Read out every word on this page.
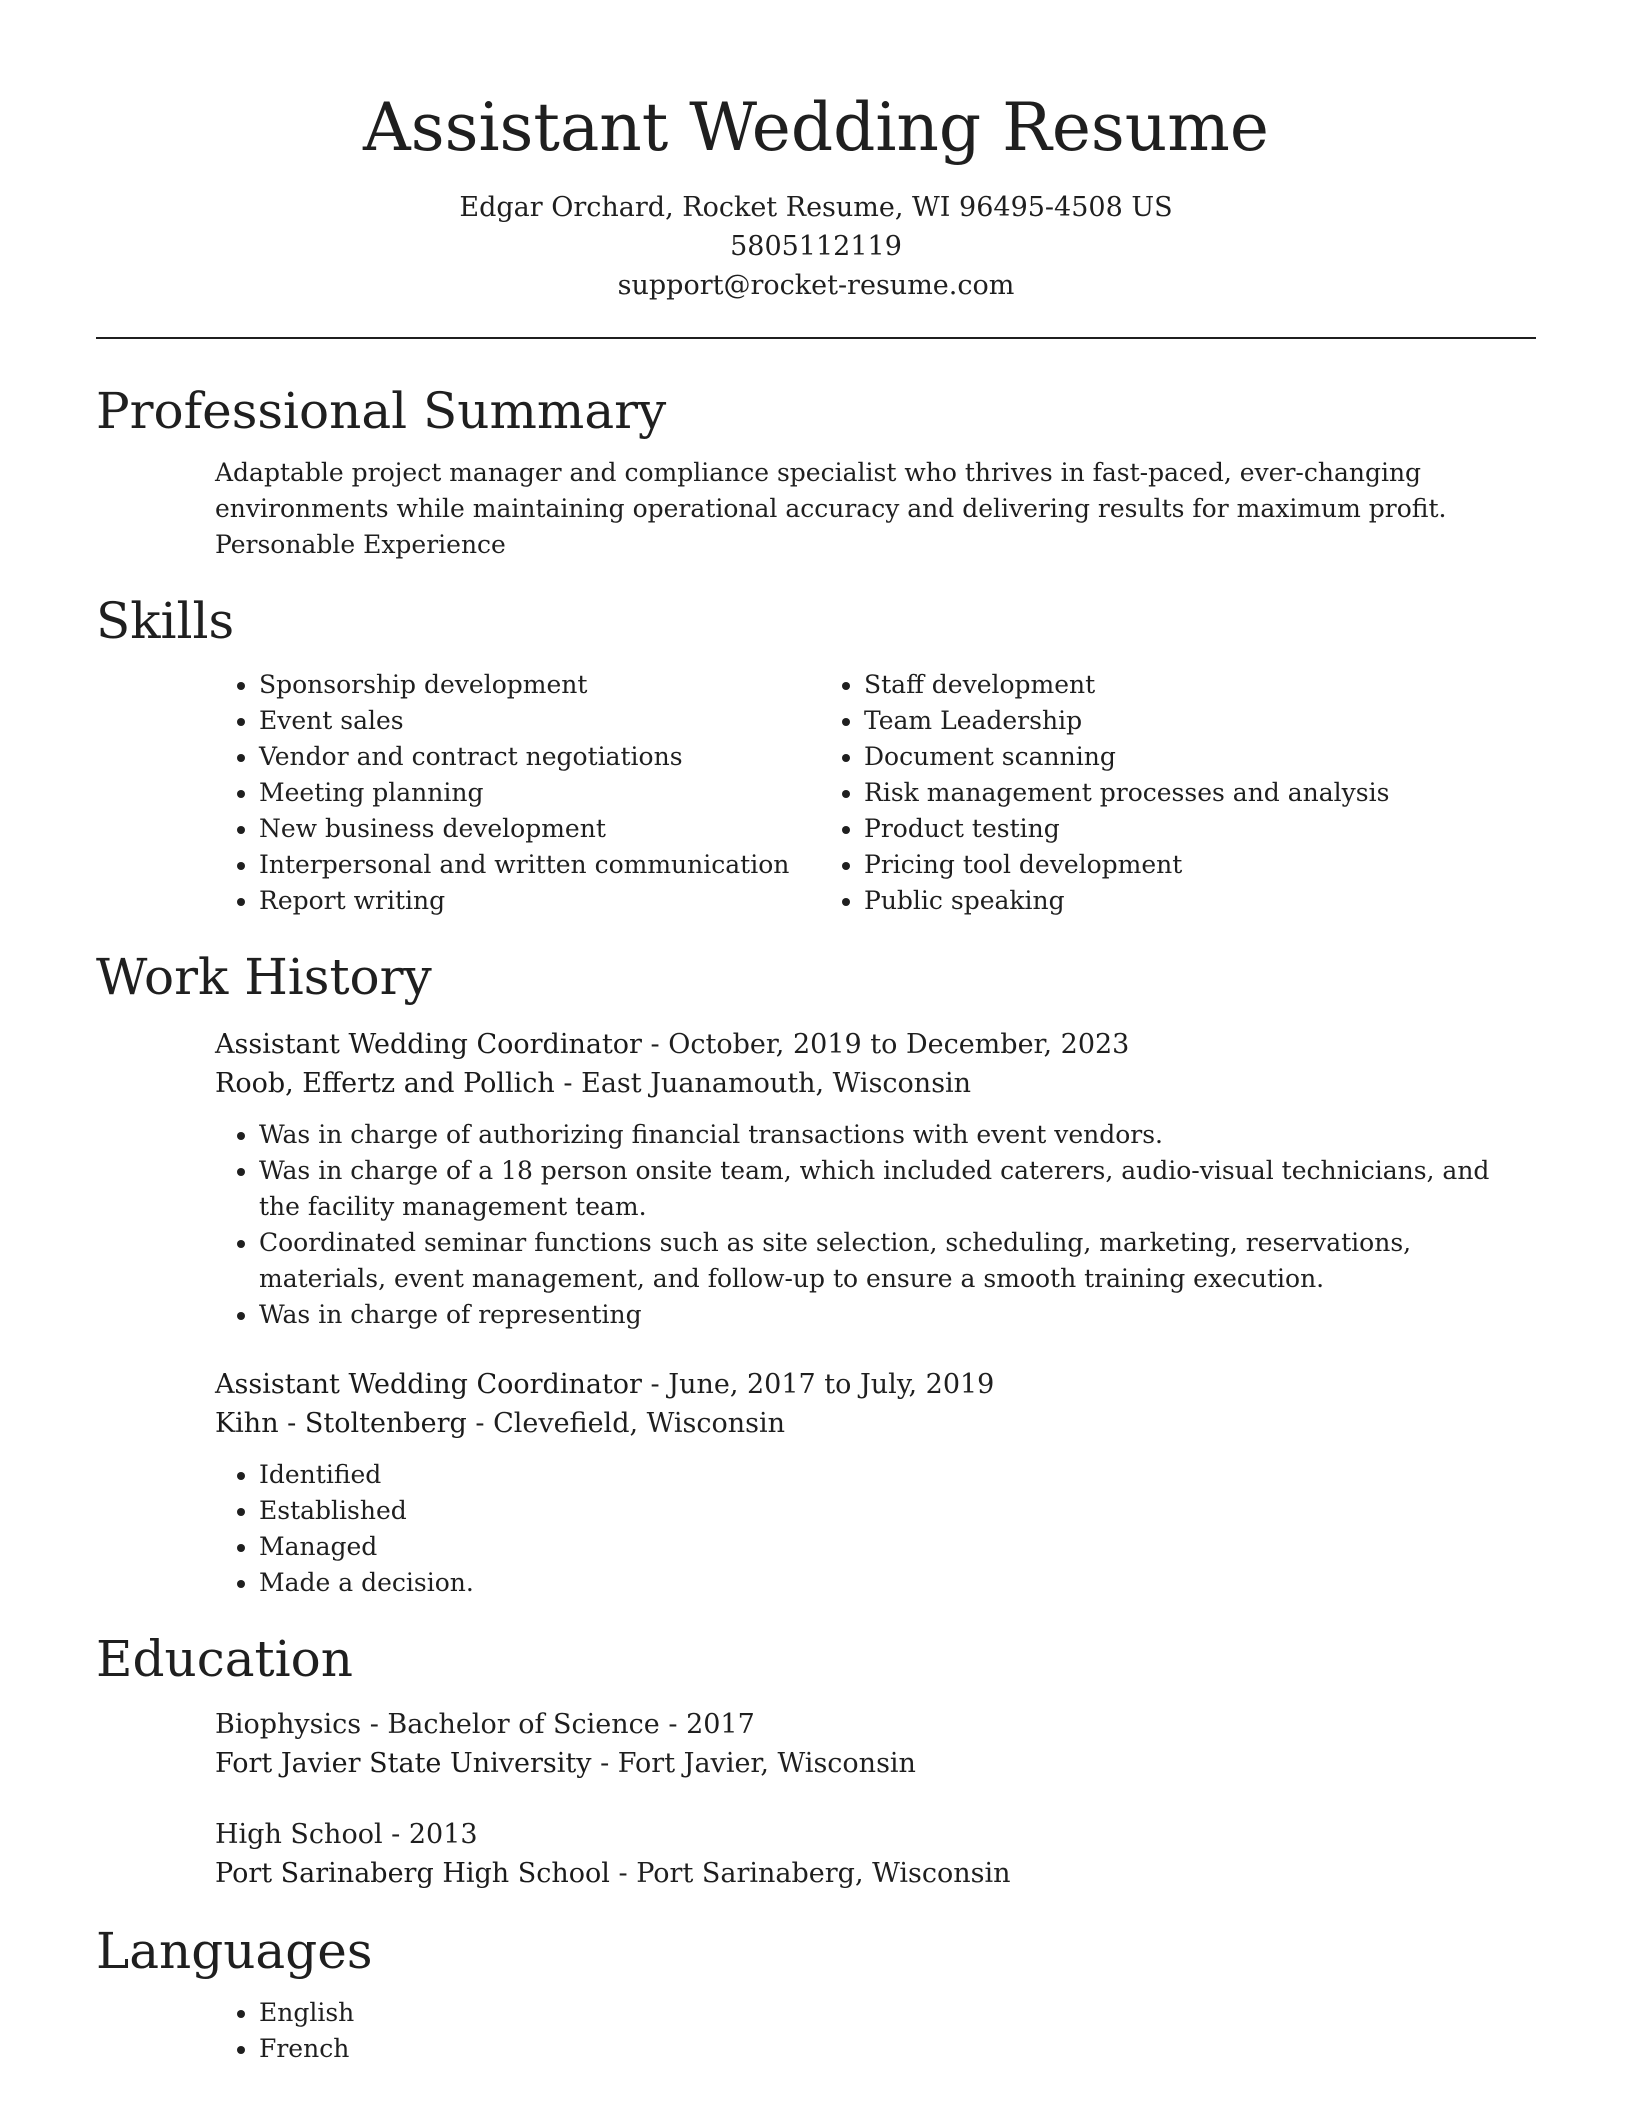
Assistant Wedding Resume
Edgar Orchard, Rocket Resume, WI 96495-4508 US
5805112119
support@rocket-resume.com
Professional Summary
Adaptable project manager and compliance specialist who thrives in fast-paced, ever-changing environments while maintaining operational accuracy and delivering results for maximum profit. Personable Experience
Skills
• Sponsorship development
• Event sales
• Vendor and contract negotiations
• Meeting planning
• New business development
• Interpersonal and written communication
• Report writing
• Staff development
• Team Leadership
• Document scanning
• Risk management processes and analysis
• Product testing
• Pricing tool development
• Public speaking
Work History
Assistant Wedding Coordinator - October, 2019 to December, 2023
Roob, Effertz and Pollich - East Juanamouth, Wisconsin
• Was in charge of authorizing financial transactions with event vendors.
• Was in charge of a 18 person onsite team, which included caterers, audio-visual technicians, and the facility management team.
• Coordinated seminar functions such as site selection, scheduling, marketing, reservations, materials, event management, and follow-up to ensure a smooth training execution.
• Was in charge of representing
Assistant Wedding Coordinator - June, 2017 to July, 2019
Kihn - Stoltenberg - Clevefield, Wisconsin
• Identified
• Established
• Managed
• Made a decision.
Education
Biophysics - Bachelor of Science - 2017
Fort Javier State University - Fort Javier, Wisconsin
High School - 2013
Port Sarinaberg High School - Port Sarinaberg, Wisconsin
Languages
• English
• French
